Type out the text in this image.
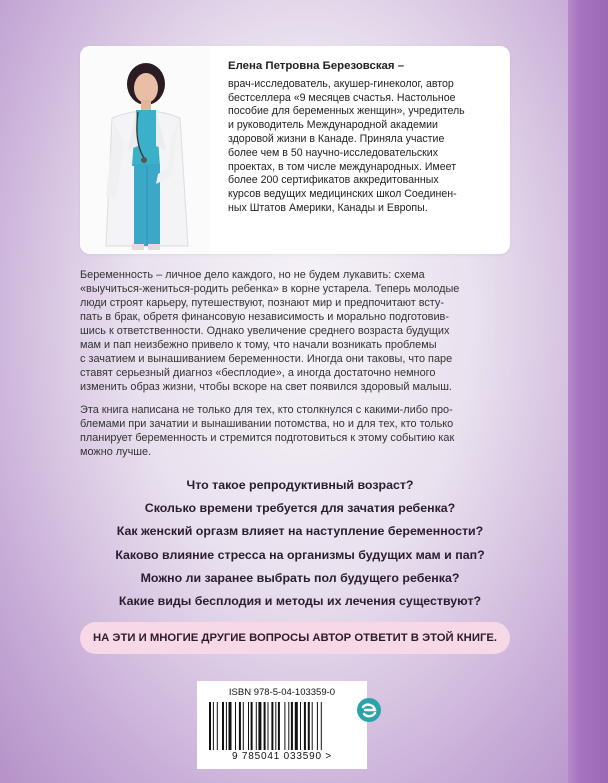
Елена Петровна Березовская –
врач-исследователь, акушер-гинеколог, автор
бестселлера «9 месяцев счастья. Настольное
пособие для беременных женщин», учредитель
и руководитель Международной академии
здоровой жизни в Канаде. Приняла участие
более чем в 50 научно-исследовательских
проектах, в том числе международных. Имеет
более 200 сертификатов аккредитованных
курсов ведущих медицинских школ Соединен-
ных Штатов Америки, Канады и Европы.

Беременность – личное дело каждого, но не будем лукавить: схема
«выучиться-жениться-родить ребенка» в корне устарела. Теперь молодые
люди строят карьеру, путешествуют, познают мир и предпочитают всту-
пать в брак, обретя финансовую независимость и морально подготовив-
шись к ответственности. Однако увеличение среднего возраста будущих
мам и пап неизбежно привело к тому, что начали возникать проблемы
с зачатием и вынашиванием беременности. Иногда они таковы, что паре
ставят серьезный диагноз «бесплодие», а иногда достаточно немного
изменить образ жизни, чтобы вскоре на свет появился здоровый малыш.

Эта книга написана не только для тех, кто столкнулся с какими-либо про-
блемами при зачатии и вынашивании потомства, но и для тех, кто только
планирует беременность и стремится подготовиться к этому событию как
можно лучше.

Что такое репродуктивный возраст?
Сколько времени требуется для зачатия ребенка?
Как женский оргазм влияет на наступление беременности?
Каково влияние стресса на организмы будущих мам и пап?
Можно ли заранее выбрать пол будущего ребенка?
Какие виды бесплодия и методы их лечения существуют?
НА ЭТИ И МНОГИЕ ДРУГИЕ ВОПРОСЫ АВТОР ОТВЕТИТ В ЭТОЙ КНИГЕ.
ISBN 978-5-04-103359-0
9 785041 033590 >
